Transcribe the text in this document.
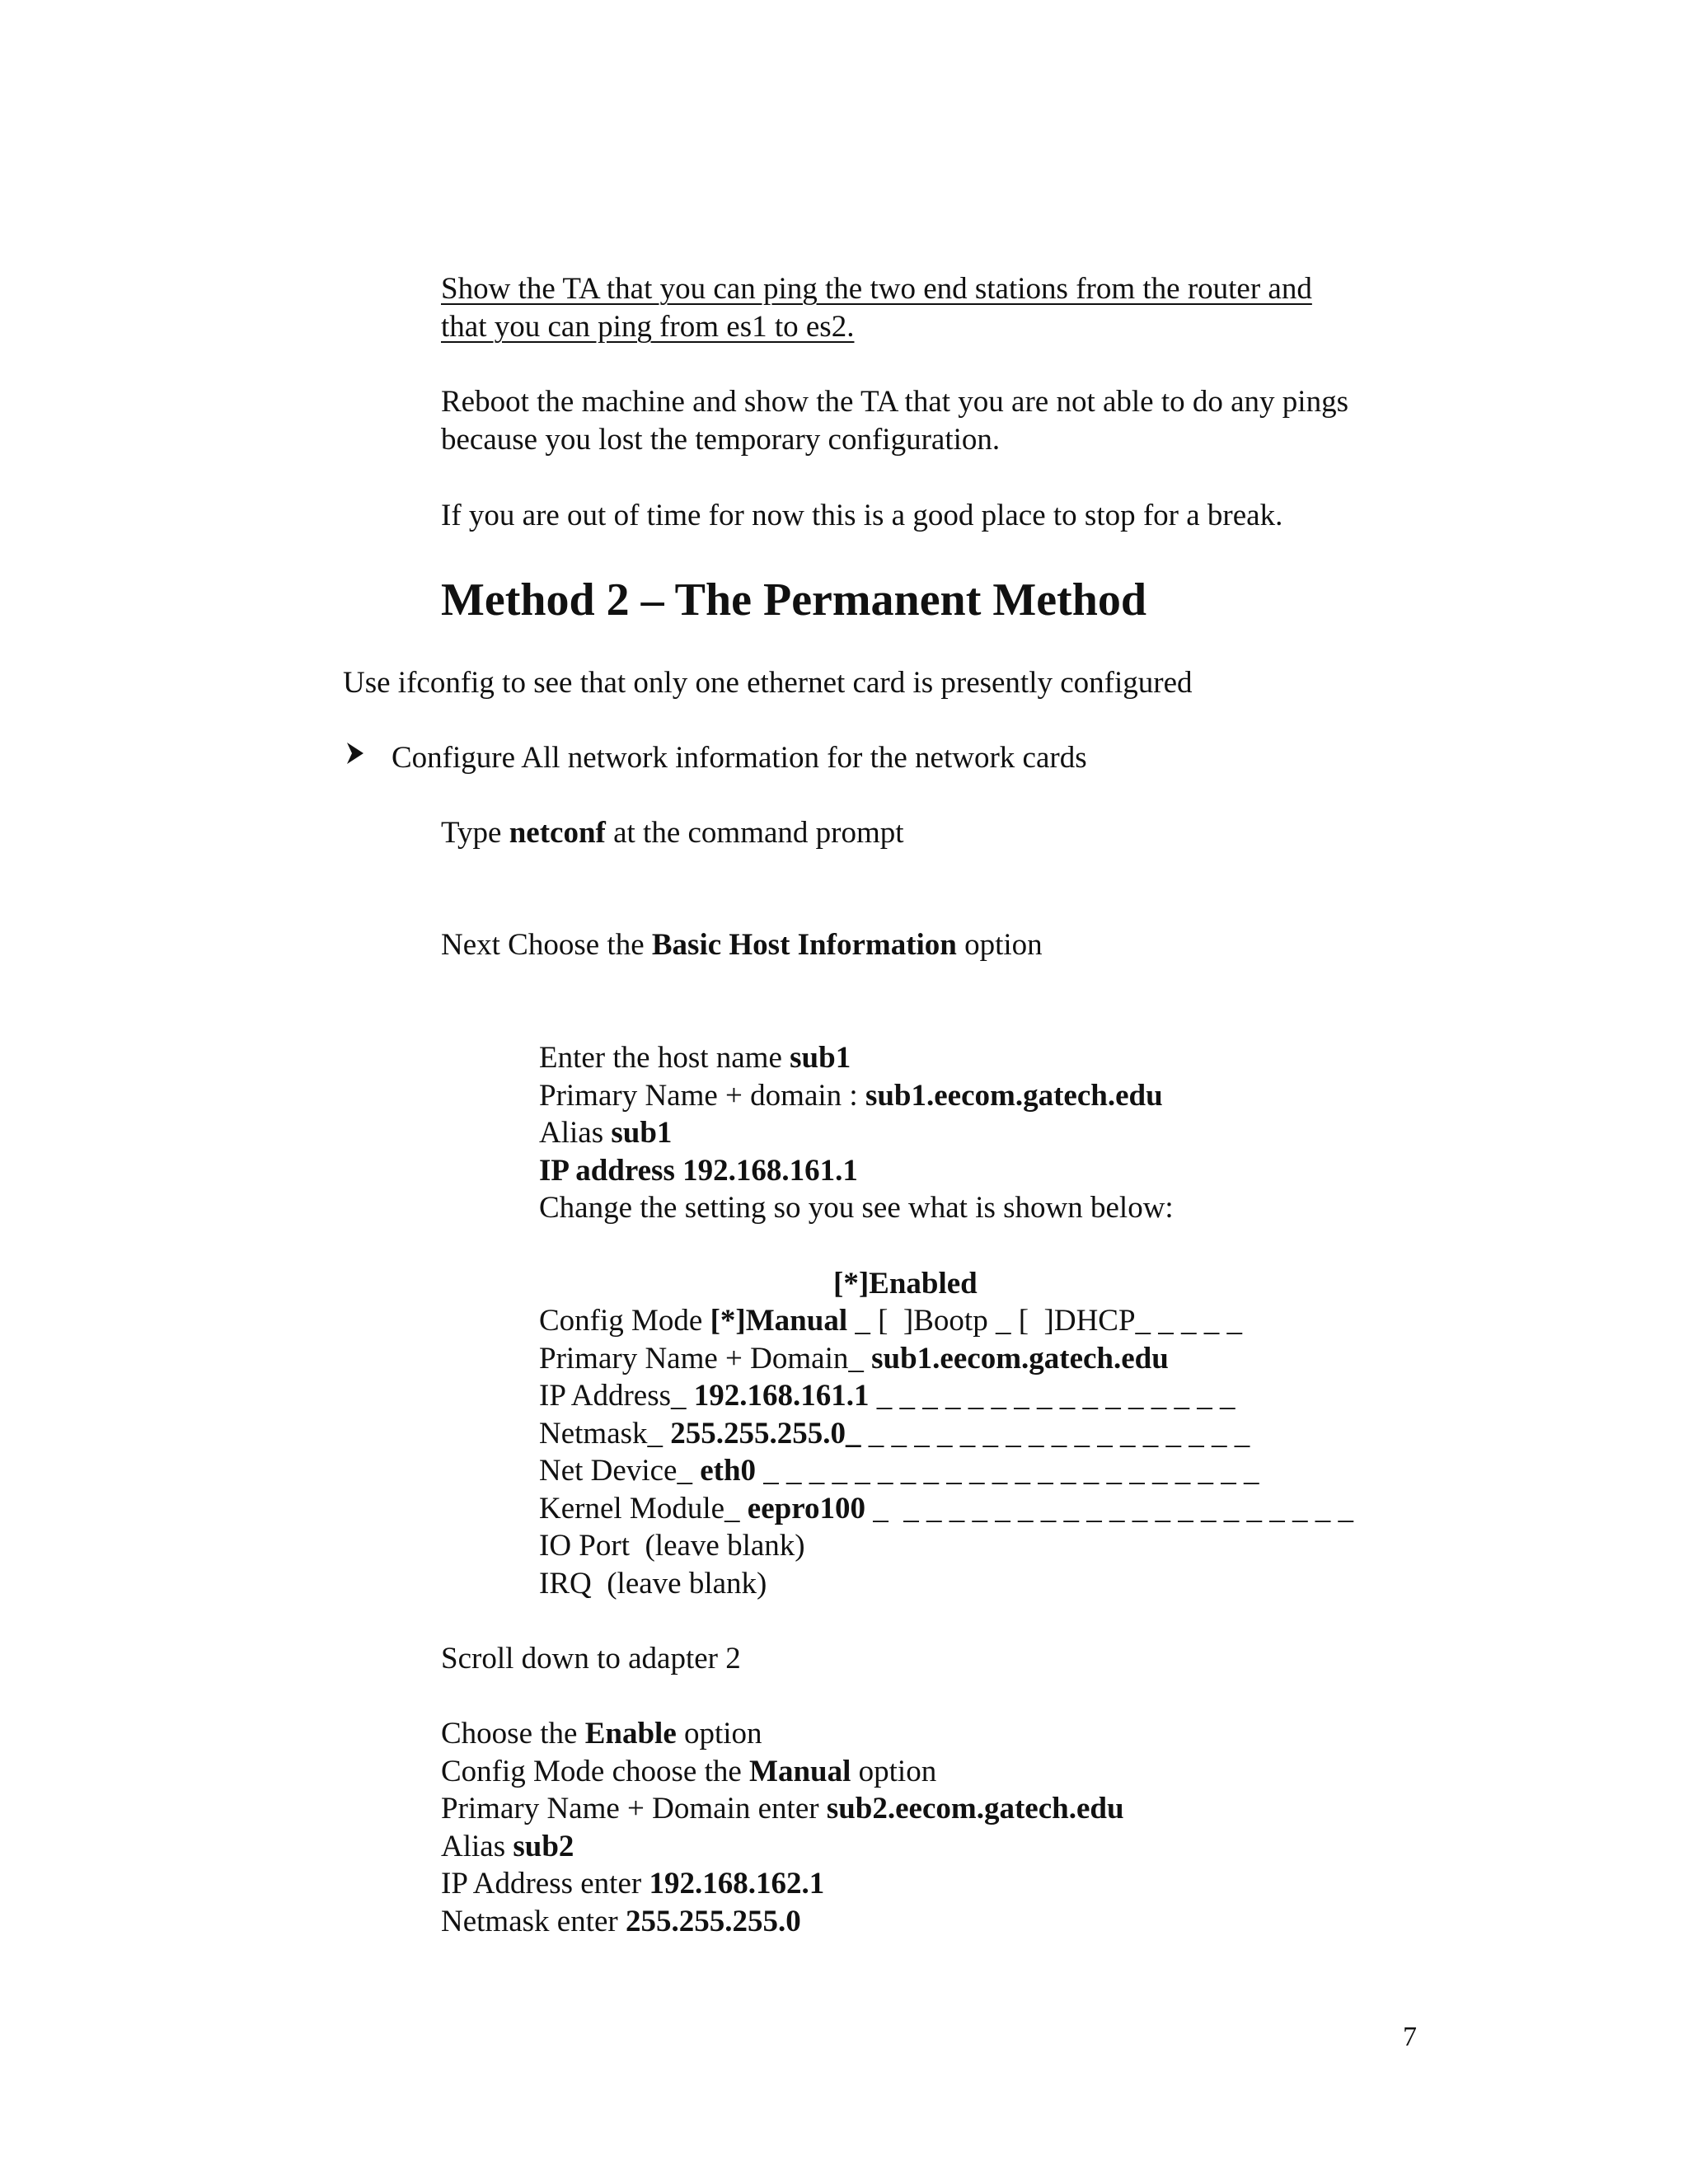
Show the TA that you can ping the two end stations from the router and

that you can ping from es1 to es2.

Reboot the machine and show the TA that you are not able to do any pings

because you lost the temporary configuration.

If you are out of time for now this is a good place to stop for a break.

Method 2 – The Permanent Method

Use ifconfig to see that only one ethernet card is presently configured

Configure All network information for the network cards

Type netconf at the command prompt

Next Choose the Basic Host Information option

Enter the host name sub1

Primary Name + domain : sub1.eecom.gatech.edu

Alias sub1

IP address 192.168.161.1

Change the setting so you see what is shown below:

[*]Enabled

Config Mode [*]Manual _ [  ]Bootp _ [  ]DHCP_ _ _ _ _

Primary Name + Domain_ sub1.eecom.gatech.edu

IP Address_ 192.168.161.1 _ _ _ _ _ _ _ _ _ _ _ _ _ _ _ _

Netmask_ 255.255.255.0_ _ _ _ _ _ _ _ _ _ _ _ _ _ _ _ _ _

Net Device_ eth0 _ _ _ _ _ _ _ _ _ _ _ _ _ _ _ _ _ _ _ _ _ _

Kernel Module_ eepro100 _  _ _ _ _ _ _ _ _ _ _ _ _ _ _ _ _ _ _ _ _

IO Port  (leave blank)

IRQ  (leave blank)

Scroll down to adapter 2

Choose the Enable option

Config Mode choose the Manual option

Primary Name + Domain enter sub2.eecom.gatech.edu

Alias sub2

IP Address enter 192.168.162.1

Netmask enter 255.255.255.0

7
